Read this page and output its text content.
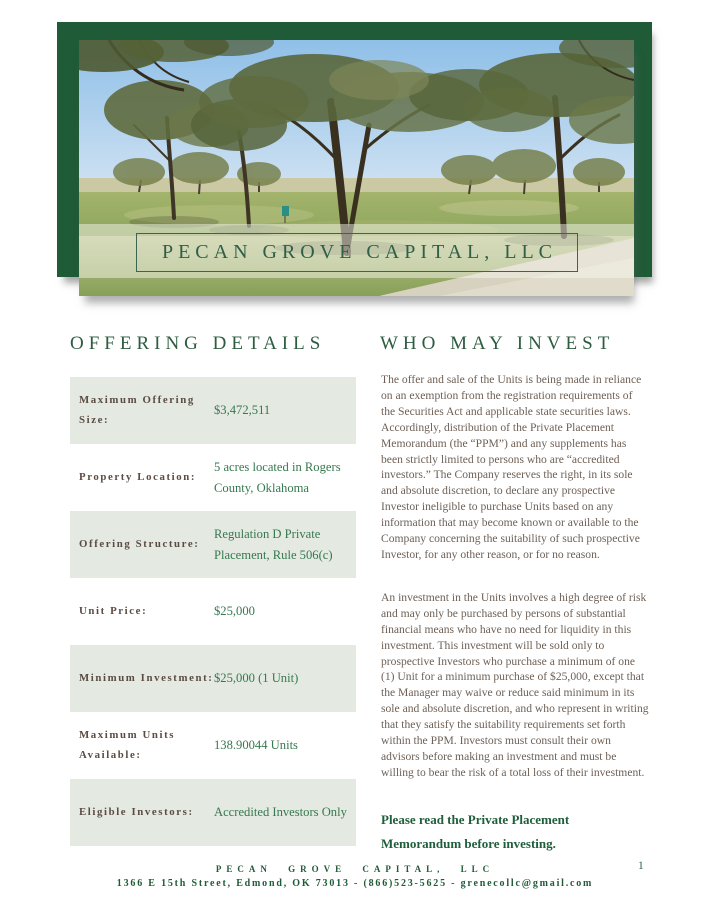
PECAN GROVE CAPITAL, LLC
OFFERING DETAILS
Maximum Offering Size:
$3,472,511
Property Location:
5 acres located in Rogers County, Oklahoma
Offering Structure:
Regulation D Private Placement, Rule 506(c)
Unit Price:	$25,000
Minimum Investment: $25,000 (1 Unit)
Maximum Units Available:
138.90044 Units
Eligible Investors:	Accredited Investors Only
WHO MAY INVEST

The offer and sale of the Units is being made in reliance on an exemption from the registration requirements of the Securities Act and applicable state securities laws. Accordingly, distribution of the Private Placement Memorandum (the “PPM”) and any supplements has been strictly limited to persons who are “accredited investors.” The Company reserves the right, in its sole and absolute discretion, to declare any prospective Investor ineligible to purchase Units based on any information that may become known or available to the Company concerning the suitability of such prospective Investor, for any other reason, or for no reason.

An investment in the Units involves a high degree of risk and may only be purchased by persons of substantial financial means who have no need for liquidity in this investment. This investment will be sold only to prospective Investors who purchase a minimum of one (1) Unit for a minimum purchase of $25,000, except that the Manager may waive or reduce said minimum in its sole and absolute discretion, and who represent in writing that they satisfy the suitability requirements set forth within the PPM. Investors must consult their own advisors before making an investment and must be willing to bear the risk of a total loss of their investment.

Please read the Private Placement Memorandum before investing.
PECAN GROVE CAPITAL, LLC
1366 E 15th Street, Edmond, OK 73013 - (866)523-5625 - grenecollc@gmail.com
1
